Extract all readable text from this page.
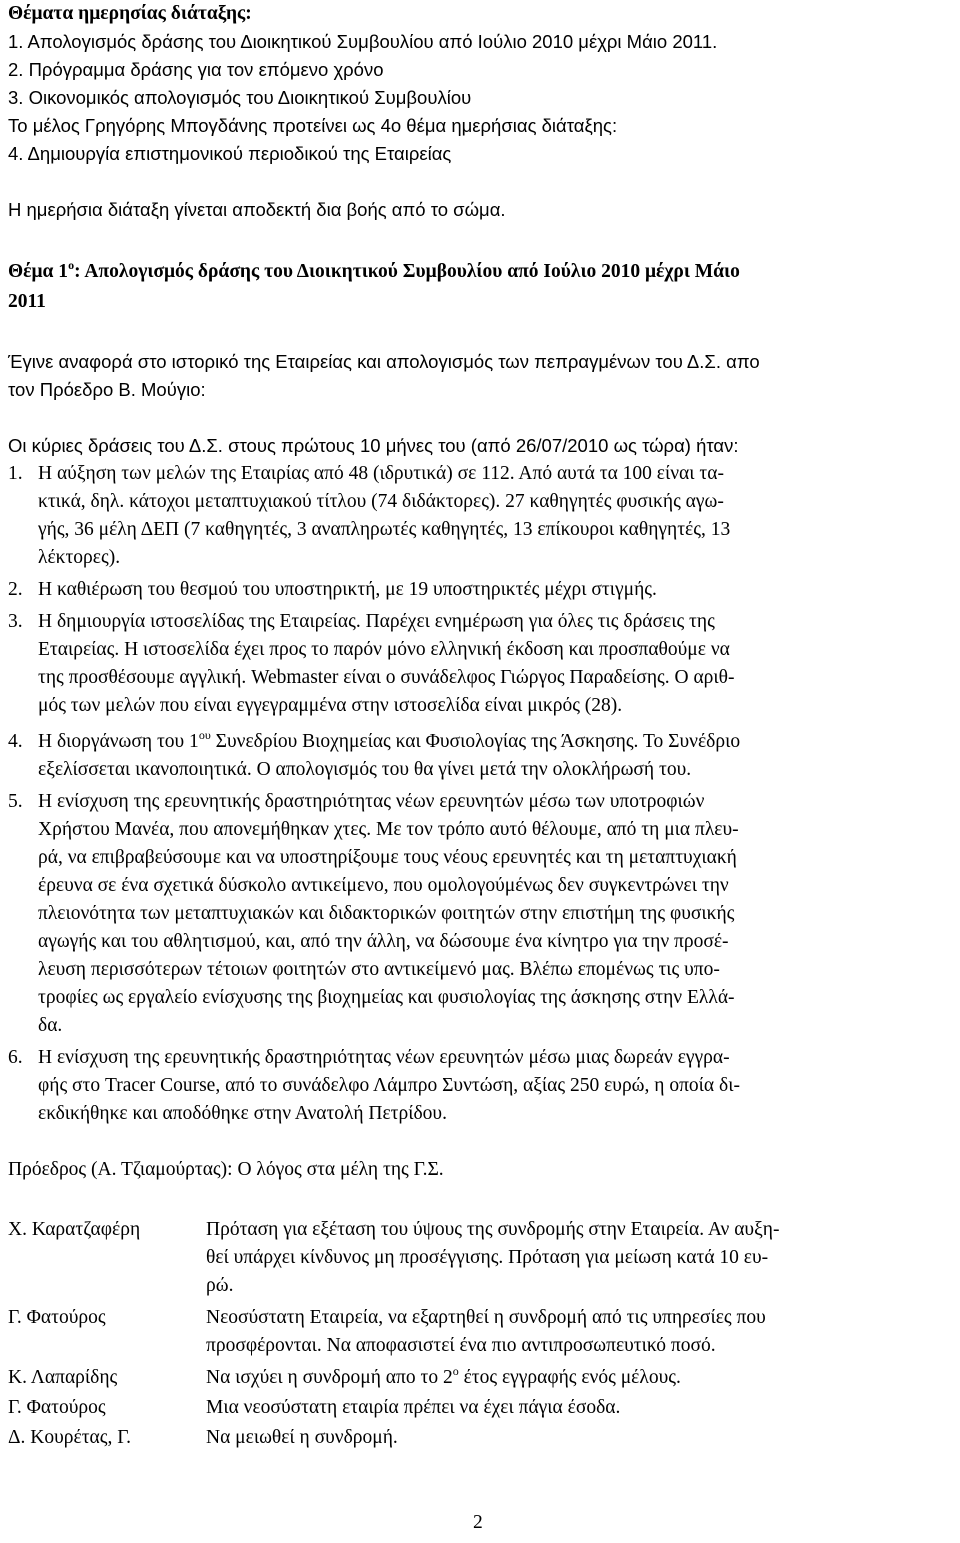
Θέματα ημερησίας διάταξης:
1. Απολογισμός δράσης του Διοικητικού Συμβουλίου από Ιούλιο 2010 μέχρι Μάιο 2011.
2. Πρόγραμμα δράσης για τον επόμενο χρόνο
3. Οικονομικός απολογισμός του Διοικητικού Συμβουλίου
Το μέλος Γρηγόρης Μπογδάνης προτείνει ως 4ο θέμα ημερήσιας διάταξης:
4. Δημιουργία επιστημονικού περιοδικού της Εταιρείας
Η ημερήσια διάταξη γίνεται αποδεκτή δια βοής από το σώμα.
Θέμα $1^o$: Απολογισμός δράσης του Διοικητικού Συμβουλίου από Ιούλιο 2010 μέχρι Μάιο
2011
Έγινε αναφορά στο ιστορικό της Εταιρείας και απολογισμός των πεπραγμένων του Δ.Σ. απο
τον Πρόεδρο Β. Μούγιο:
Οι κύριες δράσεις του Δ.Σ. στους πρώτους 10 μήνες του (από 26/07/2010 ως τώρα) ήταν:
1. Η αύξηση των μελών της Εταιρίας από 48 (ιδρυτικά) σε 112. Από αυτά τα 100 είναι τα-
κτικά, δηλ. κάτοχοι μεταπτυχιακού τίτλου (74 διδάκτορες). 27 καθηγητές φυσικής αγω-
γής, 36 μέλη ΔΕΠ (7 καθηγητές, 3 αναπληρωτές καθηγητές, 13 επίκουροι καθηγητές, 13
λέκτορες).
2. Η καθιέρωση του θεσμού του υποστηρικτή, με 19 υποστηρικτές μέχρι στιγμής.
3. Η δημιουργία ιστοσελίδας της Εταιρείας. Παρέχει ενημέρωση για όλες τις δράσεις της
Εταιρείας. Η ιστοσελίδα έχει προς το παρόν μόνο ελληνική έκδοση και προσπαθούμε να
της προσθέσουμε αγγλική. Webmaster είναι ο συνάδελφος Γιώργος Παραδείσης. Ο αριθ-
μός των μελών που είναι εγγεγραμμένα στην ιστοσελίδα είναι μικρός (28).
4. Η διοργάνωση του $1^{o\upsilon}$ Συνεδρίου Βιοχημείας και Φυσιολογίας της Άσκησης. Το Συνέδριο
εξελίσσεται ικανοποιητικά. Ο απολογισμός του θα γίνει μετά την ολοκλήρωσή του.
5. Η ενίσχυση της ερευνητικής δραστηριότητας νέων ερευνητών μέσω των υποτροφιών
Χρήστου Μανέα, που απονεμήθηκαν χτες. Με τον τρόπο αυτό θέλουμε, από τη μια πλευ-
ρά, να επιβραβεύσουμε και να υποστηρίξουμε τους νέους ερευνητές και τη μεταπτυχιακή
έρευνα σε ένα σχετικά δύσκολο αντικείμενο, που ομολογούμένως δεν συγκεντρώνει την
πλειονότητα των μεταπτυχιακών και διδακτορικών φοιτητών στην επιστήμη της φυσικής
αγωγής και του αθλητισμού, και, από την άλλη, να δώσουμε ένα κίνητρο για την προσέ-
λευση περισσότερων τέτοιων φοιτητών στο αντικείμενό μας. Βλέπω επομένως τις υπο-
τροφίες ως εργαλείο ενίσχυσης της βιοχημείας και φυσιολογίας της άσκησης στην Ελλά-
δα.
6. Η ενίσχυση της ερευνητικής δραστηριότητας νέων ερευνητών μέσω μιας δωρεάν εγγρα-
φής στο Tracer Course, από το συνάδελφο Λάμπρο Συντώση, αξίας 250 ευρώ, η οποία δι-
εκδικήθηκε και αποδόθηκε στην Ανατολή Πετρίδου.
Πρόεδρος (Α. Τζιαμούρτας): Ο λόγος στα μέλη της Γ.Σ.
Χ. Καρατζαφέρη	Πρόταση για εξέταση του ύψους της συνδρομής στην Εταιρεία. Αν αυξη-
θεί υπάρχει κίνδυνος μη προσέγγισης. Πρόταση για μείωση κατά 10 ευ-
ρώ.
Γ. Φατούρος	Νεοσύστατη Εταιρεία, να εξαρτηθεί η συνδρομή από τις υπηρεσίες που
προσφέρονται. Να αποφασιστεί ένα πιο αντιπροσωπευτικό ποσό.
Κ. Λαπαρίδης	Να ισχύει η συνδρομή απο το $2^o$ έτος εγγραφής ενός μέλους.
Γ. Φατούρος	Μια νεοσύστατη εταιρία πρέπει να έχει πάγια έσοδα.
Δ. Κουρέτας, Γ.	Να μειωθεί η συνδρομή.
2
